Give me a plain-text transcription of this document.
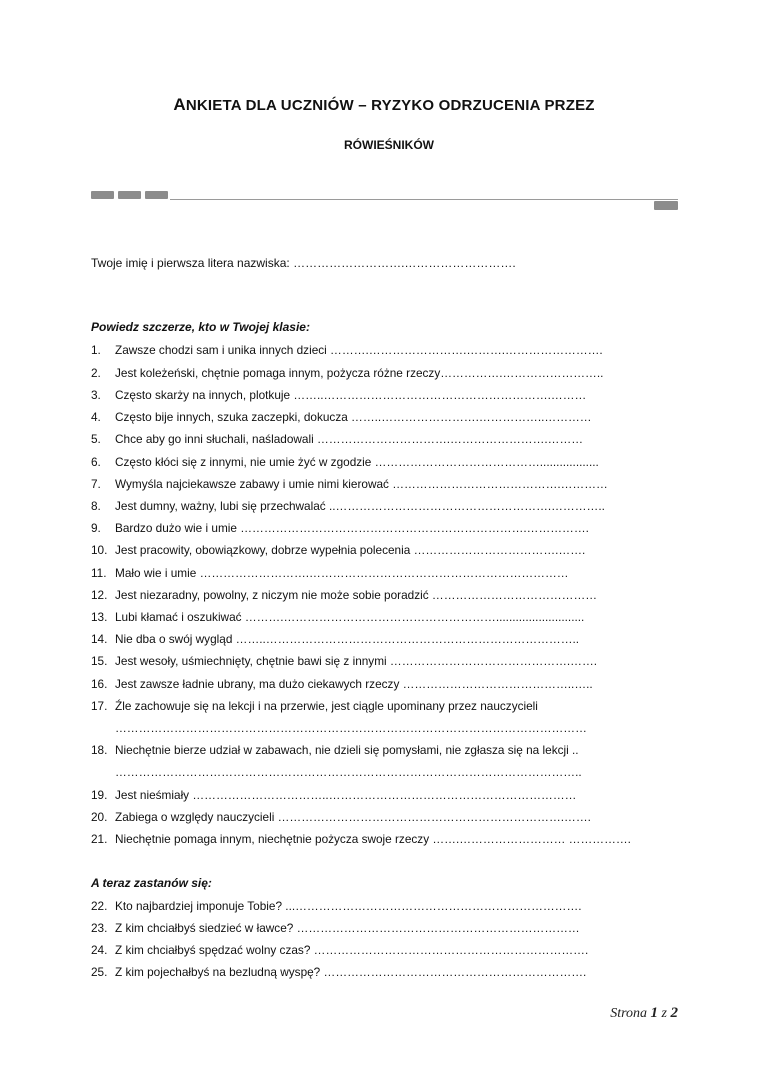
ANKIETA DLA UCZNIÓW – RYZYKO ODRZUCENIA PRZEZ
RÓWIEŚNIKÓW
Twoje imię i pierwsza litera nazwiska: ……………………….……………………….
Powiedz szczerze, kto w Twojej klasie:
1. Zawsze chodzi sam i unika innych dzieci ……….…………………….……….…………………….
2. Jest koleżeński, chętnie pomaga innym, pożycza różne rzeczy…………….……………………..
3. Często skarży na innych, plotkuje ……..………………………………………………….………
4. Często bije innych, szuka zaczepki, dokucza ……..…………………….……………..…………
5. Chce aby go inni słuchali, naśladowali …………………………….…………………….………
6. Często kłóci się z innymi, nie umie żyć w zgodzie ……………………………………..................
7. Wymyśla najciekawsze zabawy i umie nimi kierować …………………………………….…………
8. Jest dumny, ważny, lubi się przechwalać ..……………………………………………….…………..
9. Bardzo dużo wie i umie ……………………………………………………………….…………….
10. Jest pracowity, obowiązkowy, dobrze wypełnia polecenia ……………………………….…….
11. Mało wie i umie ……………………….…………………………………………………………
12. Jest niezaradny, powolny, z niczym nie może sobie poradzić ……………………………………
13. Lubi kłamać i oszukiwać ……….………………………………………………...........................
14. Nie dba o swój wygląd ……..……………………………………………………………………..
15. Jest wesoły, uśmiechnięty, chętnie bawi się z innymi ……………………………………….…….
16. Jest zawsze ładnie ubrany, ma dużo ciekawych rzeczy ……………………………………..…..
17. Źle zachowuje się na lekcji i na przerwie, jest ciągle upominany przez nauczycieli
…………………………………………………………………………………………………………
18. Niechętnie bierze udział w zabawach, nie dzieli się pomysłami, nie zgłasza się na lekcji ..
………………………………………………………………………………………………………..
19. Jest nieśmiały ……………………………..………………………………………………………
20. Zabiega o względy nauczycieli ……………………………………………………………….…….
21. Niechętnie pomaga innym, niechętnie pożycza swoje rzeczy …….……………………… …………….
A teraz zastanów się:
22. Kto najbardziej imponuje Tobie? ...……………………………………………………………….
23. Z kim chciałbyś siedzieć w ławce? ………………………………………………………………
24. Z kim chciałbyś spędzać wolny czas? …………………………………………………………….
25. Z kim pojechałbyś na bezludną wyspę? ………………………………………………………….
Strona 1 z 2
